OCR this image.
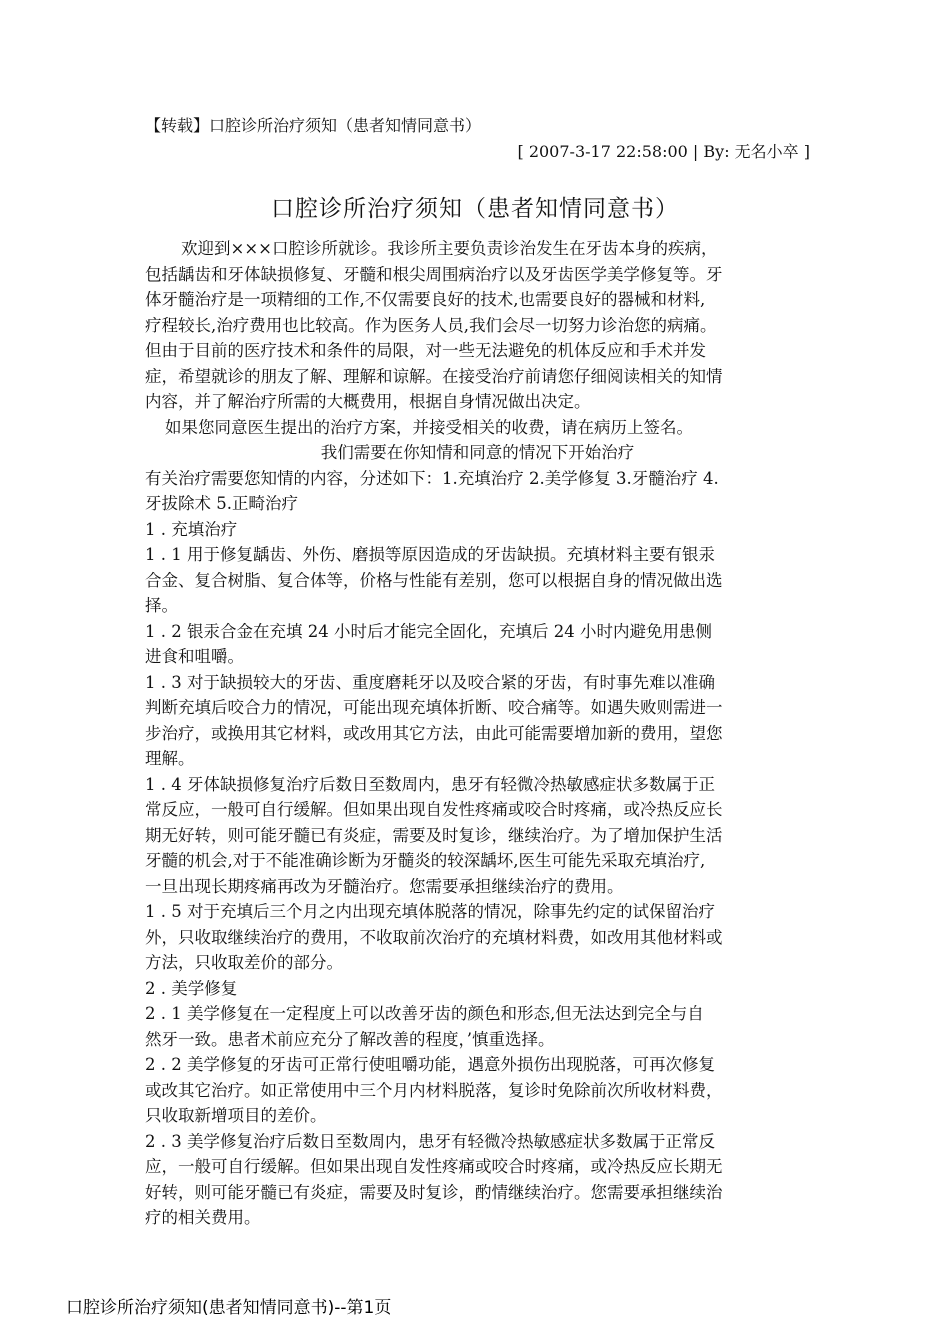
【转载】口腔诊所治疗须知（患者知情同意书）
[ 2007-3-17 22:58:00 | By: 无名小卒 ]
口腔诊所治疗须知（患者知情同意书）
欢迎到×××口腔诊所就诊。我诊所主要负责诊治发生在牙齿本身的疾病，
包括龋齿和牙体缺损修复、牙髓和根尖周围病治疗以及牙齿医学美学修复等。牙
体牙髓治疗是一项精细的工作,不仅需要良好的技术,也需要良好的器械和材料,
疗程较长,治疗费用也比较高。作为医务人员,我们会尽一切努力诊治您的病痛。
但由于目前的医疗技术和条件的局限，对一些无法避免的机体反应和手术并发
症，希望就诊的朋友了解、理解和谅解。在接受治疗前请您仔细阅读相关的知情
内容，并了解治疗所需的大概费用，根据自身情况做出决定。
如果您同意医生提出的治疗方案，并接受相关的收费，请在病历上签名。
我们需要在你知情和同意的情况下开始治疗
有关治疗需要您知情的内容，分述如下：1.充填治疗 2.美学修复 3.牙髓治疗 4.
牙拔除术 5.正畸治疗
1 . 充填治疗
1 . 1 用于修复龋齿、外伤、磨损等原因造成的牙齿缺损。充填材料主要有银汞
合金、复合树脂、复合体等，价格与性能有差别，您可以根据自身的情况做出选
择。
1 . 2 银汞合金在充填 24 小时后才能完全固化，充填后 24 小时内避免用患侧
进食和咀嚼。
1 . 3 对于缺损较大的牙齿、重度磨耗牙以及咬合紧的牙齿，有时事先难以准确
判断充填后咬合力的情况，可能出现充填体折断、咬合痛等。如遇失败则需进一
步治疗，或换用其它材料，或改用其它方法，由此可能需要增加新的费用，望您
理解。
1 . 4 牙体缺损修复治疗后数日至数周内，患牙有轻微冷热敏感症状多数属于正
常反应，一般可自行缓解。但如果出现自发性疼痛或咬合时疼痛，或冷热反应长
期无好转，则可能牙髓已有炎症，需要及时复诊，继续治疗。为了增加保护生活
牙髓的机会,对于不能准确诊断为牙髓炎的较深龋坏,医生可能先采取充填治疗,
一旦出现长期疼痛再改为牙髓治疗。您需要承担继续治疗的费用。
1 . 5 对于充填后三个月之内出现充填体脱落的情况，除事先约定的试保留治疗
外，只收取继续治疗的费用，不收取前次治疗的充填材料费，如改用其他材料或
方法，只收取差价的部分。
2 . 美学修复
2 . 1 美学修复在一定程度上可以改善牙齿的颜色和形态,但无法达到完全与自
然牙一致。患者术前应充分了解改善的程度，’慎重选择。
2 . 2 美学修复的牙齿可正常行使咀嚼功能，遇意外损伤出现脱落，可再次修复
或改其它治疗。如正常使用中三个月内材料脱落，复诊时免除前次所收材料费，
只收取新增项目的差价。
2 . 3 美学修复治疗后数日至数周内，患牙有轻微冷热敏感症状多数属于正常反
应，一般可自行缓解。但如果出现自发性疼痛或咬合时疼痛，或冷热反应长期无
好转，则可能牙髓已有炎症，需要及时复诊，酌情继续治疗。您需要承担继续治
疗的相关费用。
口腔诊所治疗须知(患者知情同意书)--第1页
